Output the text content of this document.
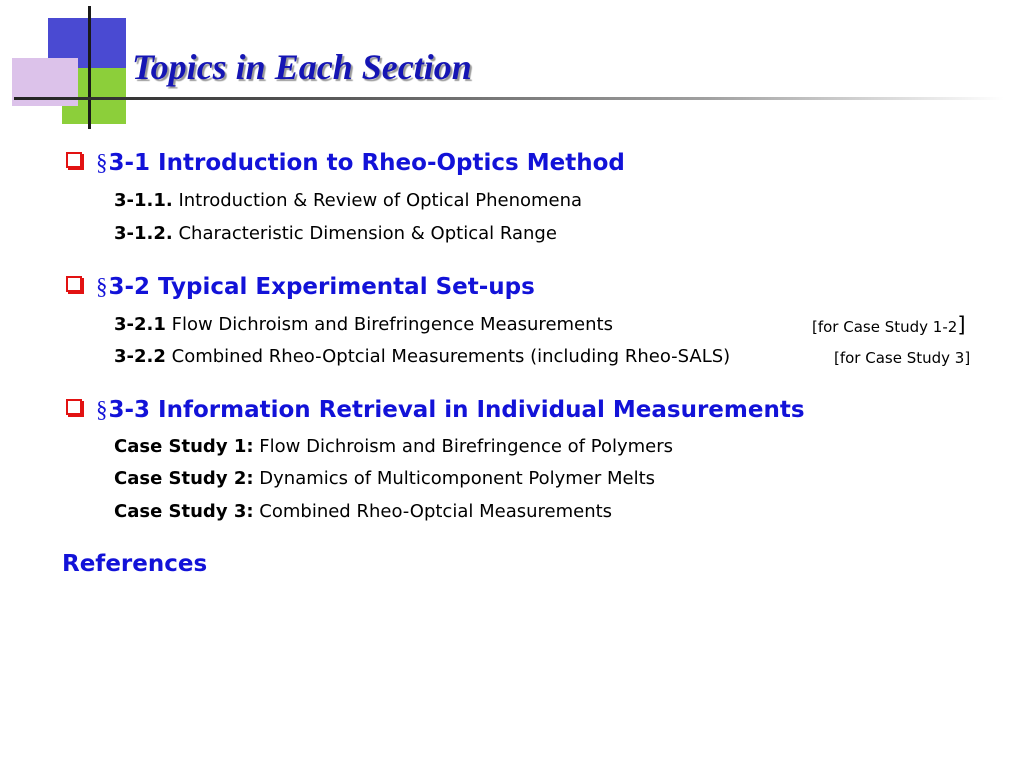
Topics in Each Section
§3-1 Introduction to Rheo-Optics Method
3-1.1. Introduction & Review of Optical Phenomena
3-1.2. Characteristic Dimension & Optical Range
§3-2 Typical Experimental Set-ups
3-2.1 Flow Dichroism and Birefringence Measurements	[for Case Study 1-2]
3-2.2 Combined Rheo-Optcial Measurements (including Rheo-SALS)	[for Case Study 3]
§3-3 Information Retrieval in Individual Measurements
Case Study 1: Flow Dichroism and Birefringence of Polymers
Case Study 2: Dynamics of Multicomponent Polymer Melts
Case Study 3: Combined Rheo-Optcial Measurements
References
